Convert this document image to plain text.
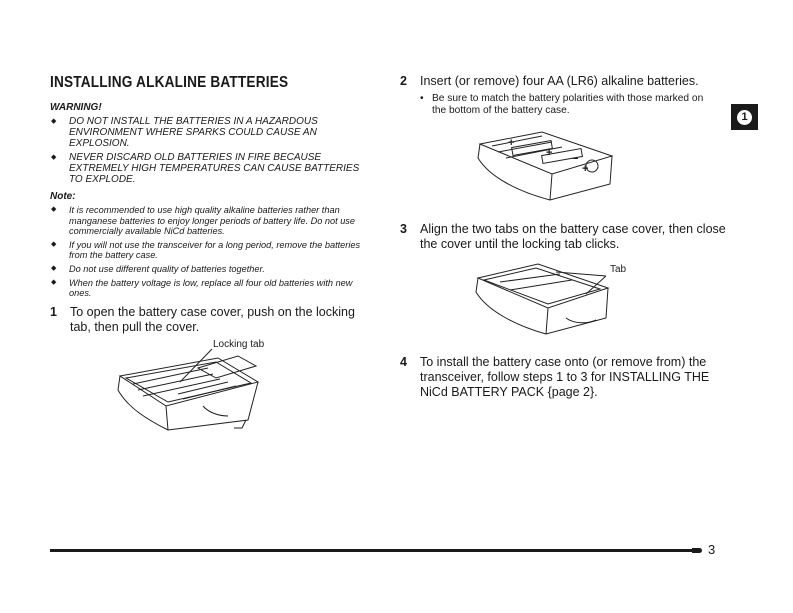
INSTALLING ALKALINE BATTERIES
WARNING!
◆ DO NOT INSTALL THE BATTERIES IN A HAZARDOUS ENVIRONMENT WHERE SPARKS COULD CAUSE AN EXPLOSION.
◆ NEVER DISCARD OLD BATTERIES IN FIRE BECAUSE EXTREMELY HIGH TEMPERATURES CAN CAUSE BATTERIES TO EXPLODE.
Note:
◆ It is recommended to use high quality alkaline batteries rather than manganese batteries to enjoy longer periods of battery life. Do not use commercially available NiCd batteries.
◆ If you will not use the transceiver for a long period, remove the batteries from the battery case.
◆ Do not use different quality of batteries together.
◆ When the battery voltage is low, replace all four old batteries with new ones.
1 To open the battery case cover, push on the locking tab, then pull the cover.
Locking tab
2 Insert (or remove) four AA (LR6) alkaline batteries.
• Be sure to match the battery polarities with those marked on the bottom of the battery case.
+
+ −
+
3 Align the two tabs on the battery case cover, then close the cover until the locking tab clicks.
Tab
4 To install the battery case onto (or remove from) the transceiver, follow steps 1 to 3 for INSTALLING THE NiCd BATTERY PACK {page 2}.
1
3
